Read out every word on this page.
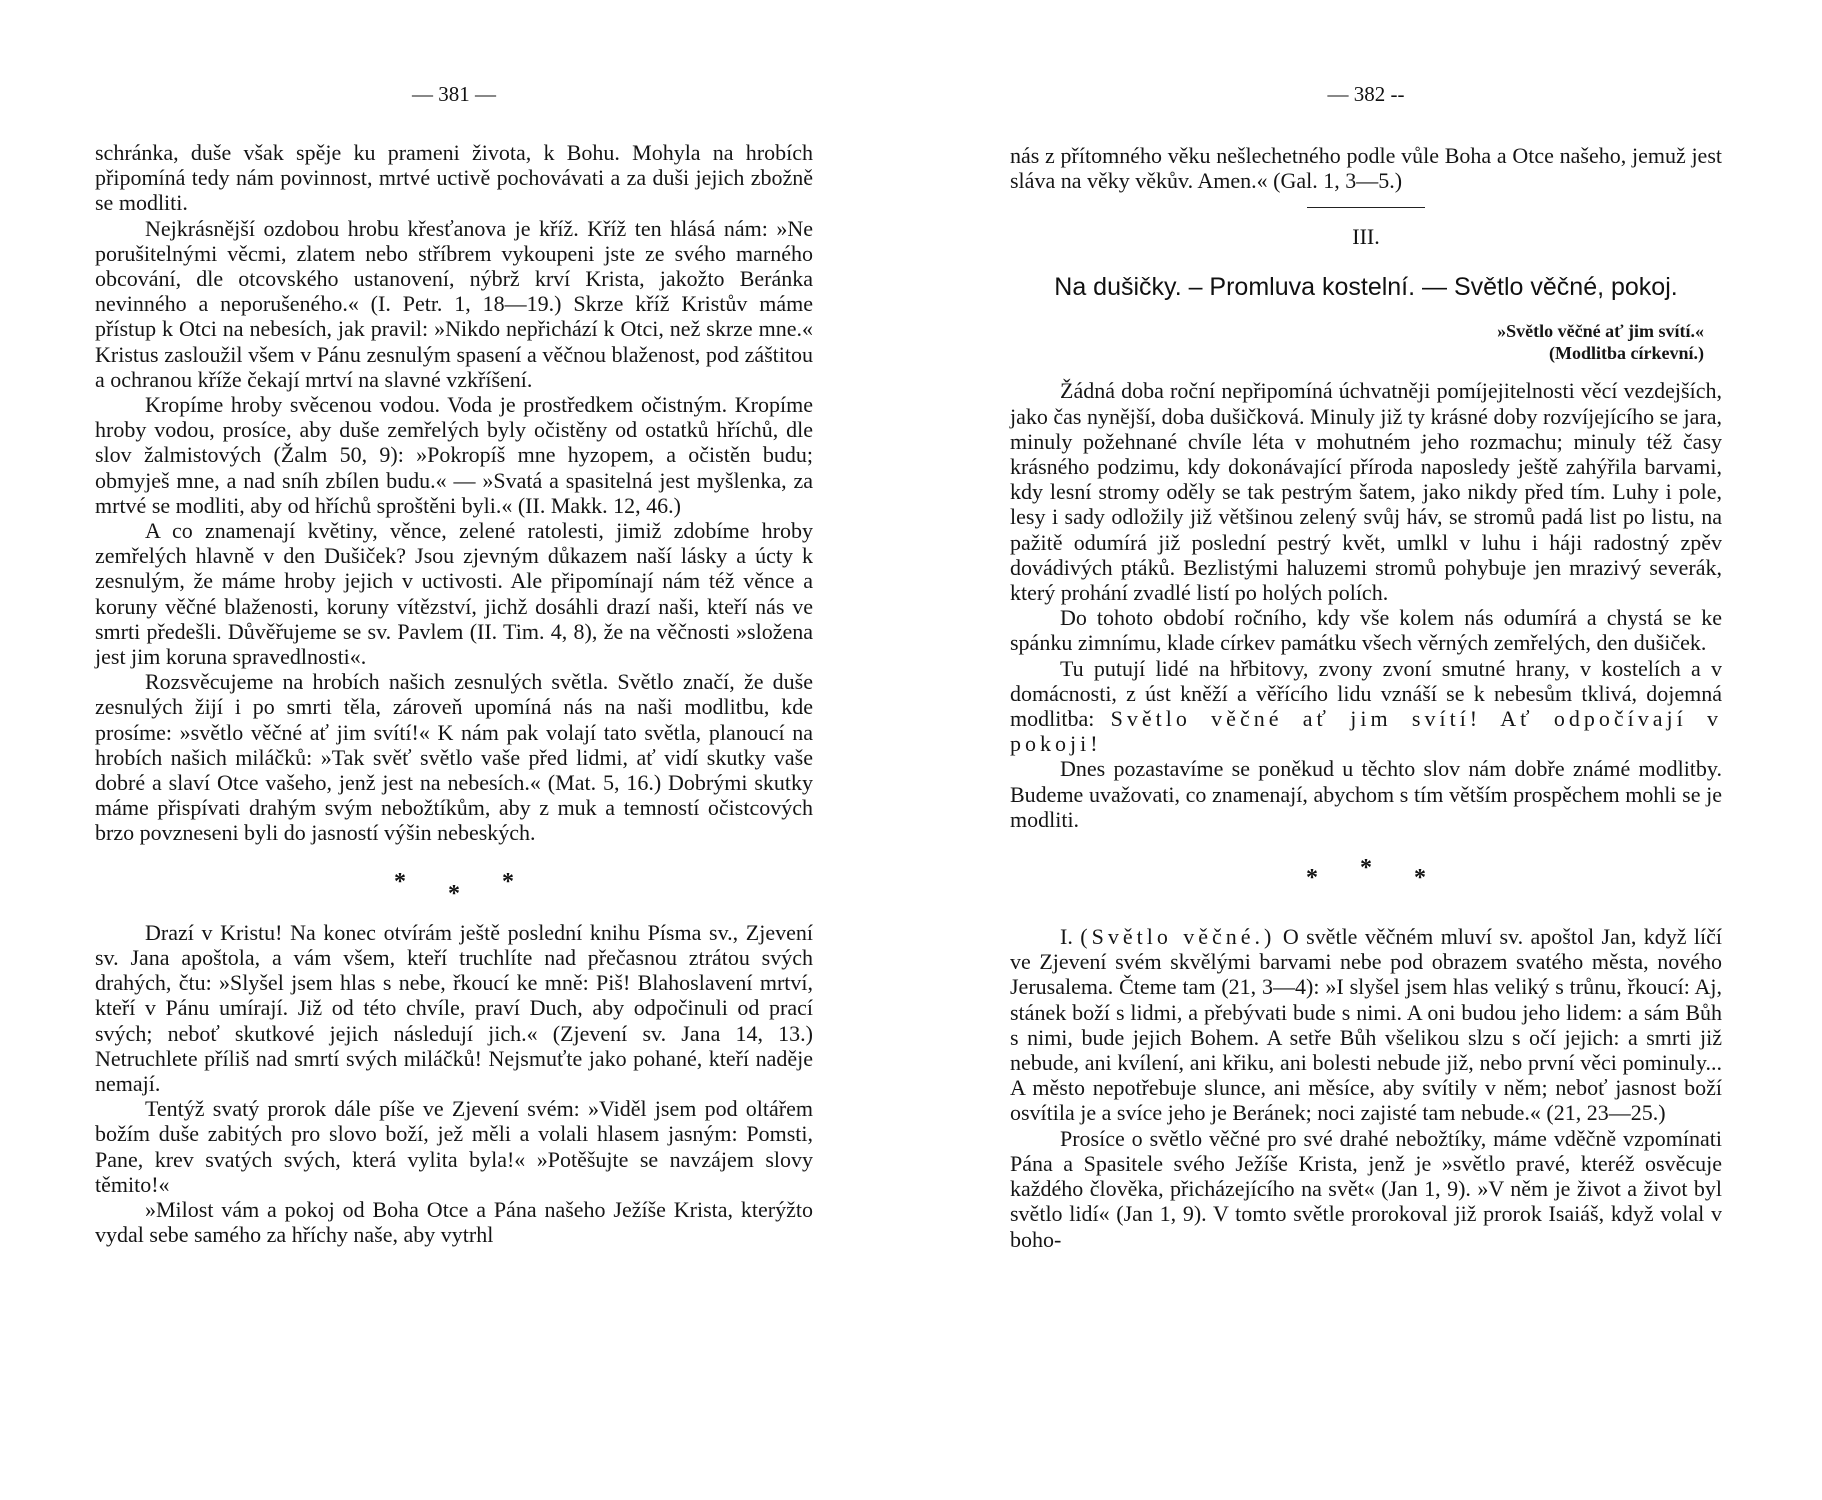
— 381 —

schránka, duše však spěje ku prameni života, k Bohu. Mohyla na hrobích připomíná tedy nám povinnost, mrtvé uctivě pochovávati a za duši jejich zbožně se modliti.

Nejkrásnější ozdobou hrobu křesťanova je kříž. Kříž ten hlásá nám: »Ne porušitelnými věcmi, zlatem nebo stříbrem vykoupeni jste ze svého marného obcování, dle otcovského ustanovení, nýbrž krví Krista, jakožto Beránka nevinného a neporušeného.« (I. Petr. 1, 18—19.) Skrze kříž Kristův máme přístup k Otci na nebesích, jak pravil: »Nikdo nepřichází k Otci, než skrze mne.« Kristus zasloužil všem v Pánu zesnulým spasení a věčnou blaženost, pod záštitou a ochranou kříže čekají mrtví na slavné vzkříšení.

Kropíme hroby svěcenou vodou. Voda je prostředkem očistným. Kropíme hroby vodou, prosíce, aby duše zemřelých byly očistěny od ostatků hříchů, dle slov žalmistových (Žalm 50, 9): »Pokropíš mne hyzopem, a očistěn budu; obmyješ mne, a nad sníh zbílen budu.« — »Svatá a spasitelná jest myšlenka, za mrtvé se modliti, aby od hříchů sproštěni byli.« (II. Makk. 12, 46.)

A co znamenají květiny, věnce, zelené ratolesti, jimiž zdobíme hroby zemřelých hlavně v den Dušiček? Jsou zjevným důkazem naší lásky a úcty k zesnulým, že máme hroby jejich v uctivosti. Ale připomínají nám též věnce a koruny věčné blaženosti, koruny vítězství, jichž dosáhli drazí naši, kteří nás ve smrti předešli. Důvěřujeme se sv. Pavlem (II. Tim. 4, 8), že na věčnosti »složena jest jim koruna spravedlnosti«.

Rozsvěcujeme na hrobích našich zesnulých světla. Světlo značí, že duše zesnulých žijí i po smrti těla, zároveň upomíná nás na naši modlitbu, kde prosíme: »světlo věčné ať jim svítí!« K nám pak volají tato světla, planoucí na hrobích našich miláčků: »Tak svěť světlo vaše před lidmi, ať vidí skutky vaše dobré a slaví Otce vašeho, jenž jest na nebesích.« (Mat. 5, 16.) Dobrými skutky máme přispívati drahým svým nebožtíkům, aby z muk a temností očistcových brzo povzneseni byli do jasností výšin nebeských.

* * *

Drazí v Kristu! Na konec otvírám ještě poslední knihu Písma sv., Zjevení sv. Jana apoštola, a vám všem, kteří truchlíte nad přečasnou ztrátou svých drahých, čtu: »Slyšel jsem hlas s nebe, řkoucí ke mně: Piš! Blahoslavení mrtví, kteří v Pánu umírají. Již od této chvíle, praví Duch, aby odpočinuli od prací svých; neboť skutkové jejich následují jich.« (Zjevení sv. Jana 14, 13.) Netruchlete příliš nad smrtí svých miláčků! Nejsmuťte jako pohané, kteří naděje nemají.

Tentýž svatý prorok dále píše ve Zjevení svém: »Viděl jsem pod oltářem božím duše zabitých pro slovo boží, jež měli a volali hlasem jasným: Pomsti, Pane, krev svatých svých, která vylita byla!« »Potěšujte se navzájem slovy těmito!«

»Milost vám a pokoj od Boha Otce a Pána našeho Ježíše Krista, kterýžto vydal sebe samého za hříchy naše, aby vytrhl

— 382 --

nás z přítomného věku nešlechetného podle vůle Boha a Otce našeho, jemuž jest sláva na věky věkův. Amen.« (Gal. 1, 3—5.)

III.

Na dušičky. – Promluva kostelní. — Světlo věčné, pokoj.

»Světlo věčné ať jim svítí.«
(Modlitba církevní.)

Žádná doba roční nepřipomíná úchvatněji pomíjejitelnosti věcí vezdejších, jako čas nynější, doba dušičková. Minuly již ty krásné doby rozvíjejícího se jara, minuly požehnané chvíle léta v mohutném jeho rozmachu; minuly též časy krásného podzimu, kdy dokonávající příroda naposledy ještě zahýřila barvami, kdy lesní stromy oděly se tak pestrým šatem, jako nikdy před tím. Luhy i pole, lesy i sady odložily již většinou zelený svůj háv, se stromů padá list po listu, na pažitě odumírá již poslední pestrý květ, umlkl v luhu i háji radostný zpěv dovádivých ptáků. Bezlistými haluzemi stromů pohybuje jen mrazivý severák, který prohání zvadlé listí po holých polích.

Do tohoto období ročního, kdy vše kolem nás odumírá a chystá se ke spánku zimnímu, klade církev památku všech věrných zemřelých, den dušiček.

Tu putují lidé na hřbitovy, zvony zvoní smutné hrany, v kostelích a v domácnosti, z úst kněží a věřícího lidu vznáší se k nebesům tklivá, dojemná modlitba: Světlo věčné ať jim svítí! Ať odpočívají v pokoji!

Dnes pozastavíme se poněkud u těchto slov nám dobře známé modlitby. Budeme uvažovati, co znamenají, abychom s tím větším prospěchem mohli se je modliti.

* * *

I. (Světlo věčné.) O světle věčném mluví sv. apoštol Jan, když líčí ve Zjevení svém skvělými barvami nebe pod obrazem svatého města, nového Jerusalema. Čteme tam (21, 3—4): »I slyšel jsem hlas veliký s trůnu, řkoucí: Aj, stánek boží s lidmi, a přebývati bude s nimi. A oni budou jeho lidem: a sám Bůh s nimi, bude jejich Bohem. A setře Bůh všelikou slzu s očí jejich: a smrti již nebude, ani kvílení, ani křiku, ani bolesti nebude již, nebo první věci pominuly... A město nepotřebuje slunce, ani měsíce, aby svítily v něm; neboť jasnost boží osvítila je a svíce jeho je Beránek; noci zajisté tam nebude.« (21, 23—25.)

Prosíce o světlo věčné pro své drahé nebožtíky, máme vděčně vzpomínati Pána a Spasitele svého Ježíše Krista, jenž je »světlo pravé, kteréž osvěcuje každého člověka, přicházejícího na svět« (Jan 1, 9). »V něm je život a život byl světlo lidí« (Jan 1, 9). V tomto světle prorokoval již prorok Isaiáš, když volal v boho-
